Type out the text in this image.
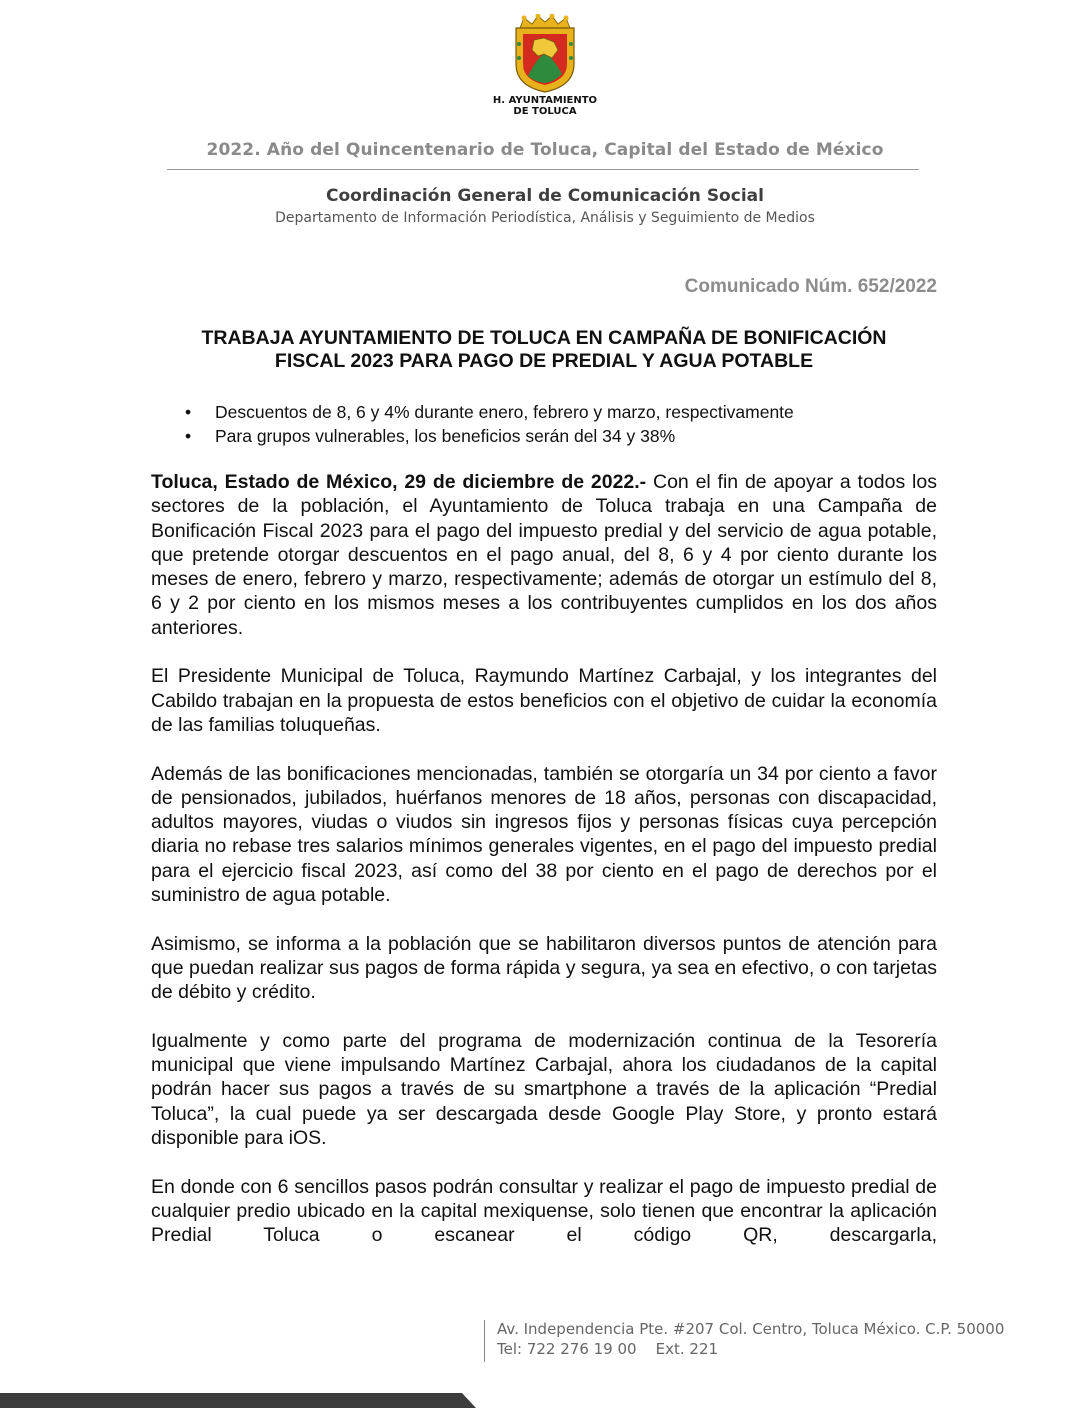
H. AYUNTAMIENTO
DE TOLUCA
2022. Año del Quincentenario de Toluca, Capital del Estado de México
Coordinación General de Comunicación Social
Departamento de Información Periodística, Análisis y Seguimiento de Medios
Comunicado Núm. 652/2022
TRABAJA AYUNTAMIENTO DE TOLUCA EN CAMPAÑA DE BONIFICACIÓN
FISCAL 2023 PARA PAGO DE PREDIAL Y AGUA POTABLE
• Descuentos de 8, 6 y 4% durante enero, febrero y marzo, respectivamente
• Para grupos vulnerables, los beneficios serán del 34 y 38%

Toluca, Estado de México, 29 de diciembre de 2022.- Con el fin de apoyar a todos los sectores de la población, el Ayuntamiento de Toluca trabaja en una Campaña de Bonificación Fiscal 2023 para el pago del impuesto predial y del servicio de agua potable, que pretende otorgar descuentos en el pago anual, del 8, 6 y 4 por ciento durante los meses de enero, febrero y marzo, respectivamente; además de otorgar un estímulo del 8, 6 y 2 por ciento en los mismos meses a los contribuyentes cumplidos en los dos años anteriores.

El Presidente Municipal de Toluca, Raymundo Martínez Carbajal, y los integrantes del Cabildo trabajan en la propuesta de estos beneficios con el objetivo de cuidar la economía de las familias toluqueñas.

Además de las bonificaciones mencionadas, también se otorgaría un 34 por ciento a favor de pensionados, jubilados, huérfanos menores de 18 años, personas con discapacidad, adultos mayores, viudas o viudos sin ingresos fijos y personas físicas cuya percepción diaria no rebase tres salarios mínimos generales vigentes, en el pago del impuesto predial para el ejercicio fiscal 2023, así como del 38 por ciento en el pago de derechos por el suministro de agua potable.

Asimismo, se informa a la población que se habilitaron diversos puntos de atención para que puedan realizar sus pagos de forma rápida y segura, ya sea en efectivo, o con tarjetas de débito y crédito.

Igualmente y como parte del programa de modernización continua de la Tesorería municipal que viene impulsando Martínez Carbajal, ahora los ciudadanos de la capital podrán hacer sus pagos a través de su smartphone a través de la aplicación “Predial Toluca”, la cual puede ya ser descargada desde Google Play Store, y pronto estará disponible para iOS.

En donde con 6 sencillos pasos podrán consultar y realizar el pago de impuesto predial de cualquier predio ubicado en la capital mexiquense, solo tienen que encontrar la aplicación Predial Toluca o escanear el código QR, descargarla,

Av. Independencia Pte. #207 Col. Centro, Toluca México. C.P. 50000
Tel: 722 276 19 00    Ext. 221
